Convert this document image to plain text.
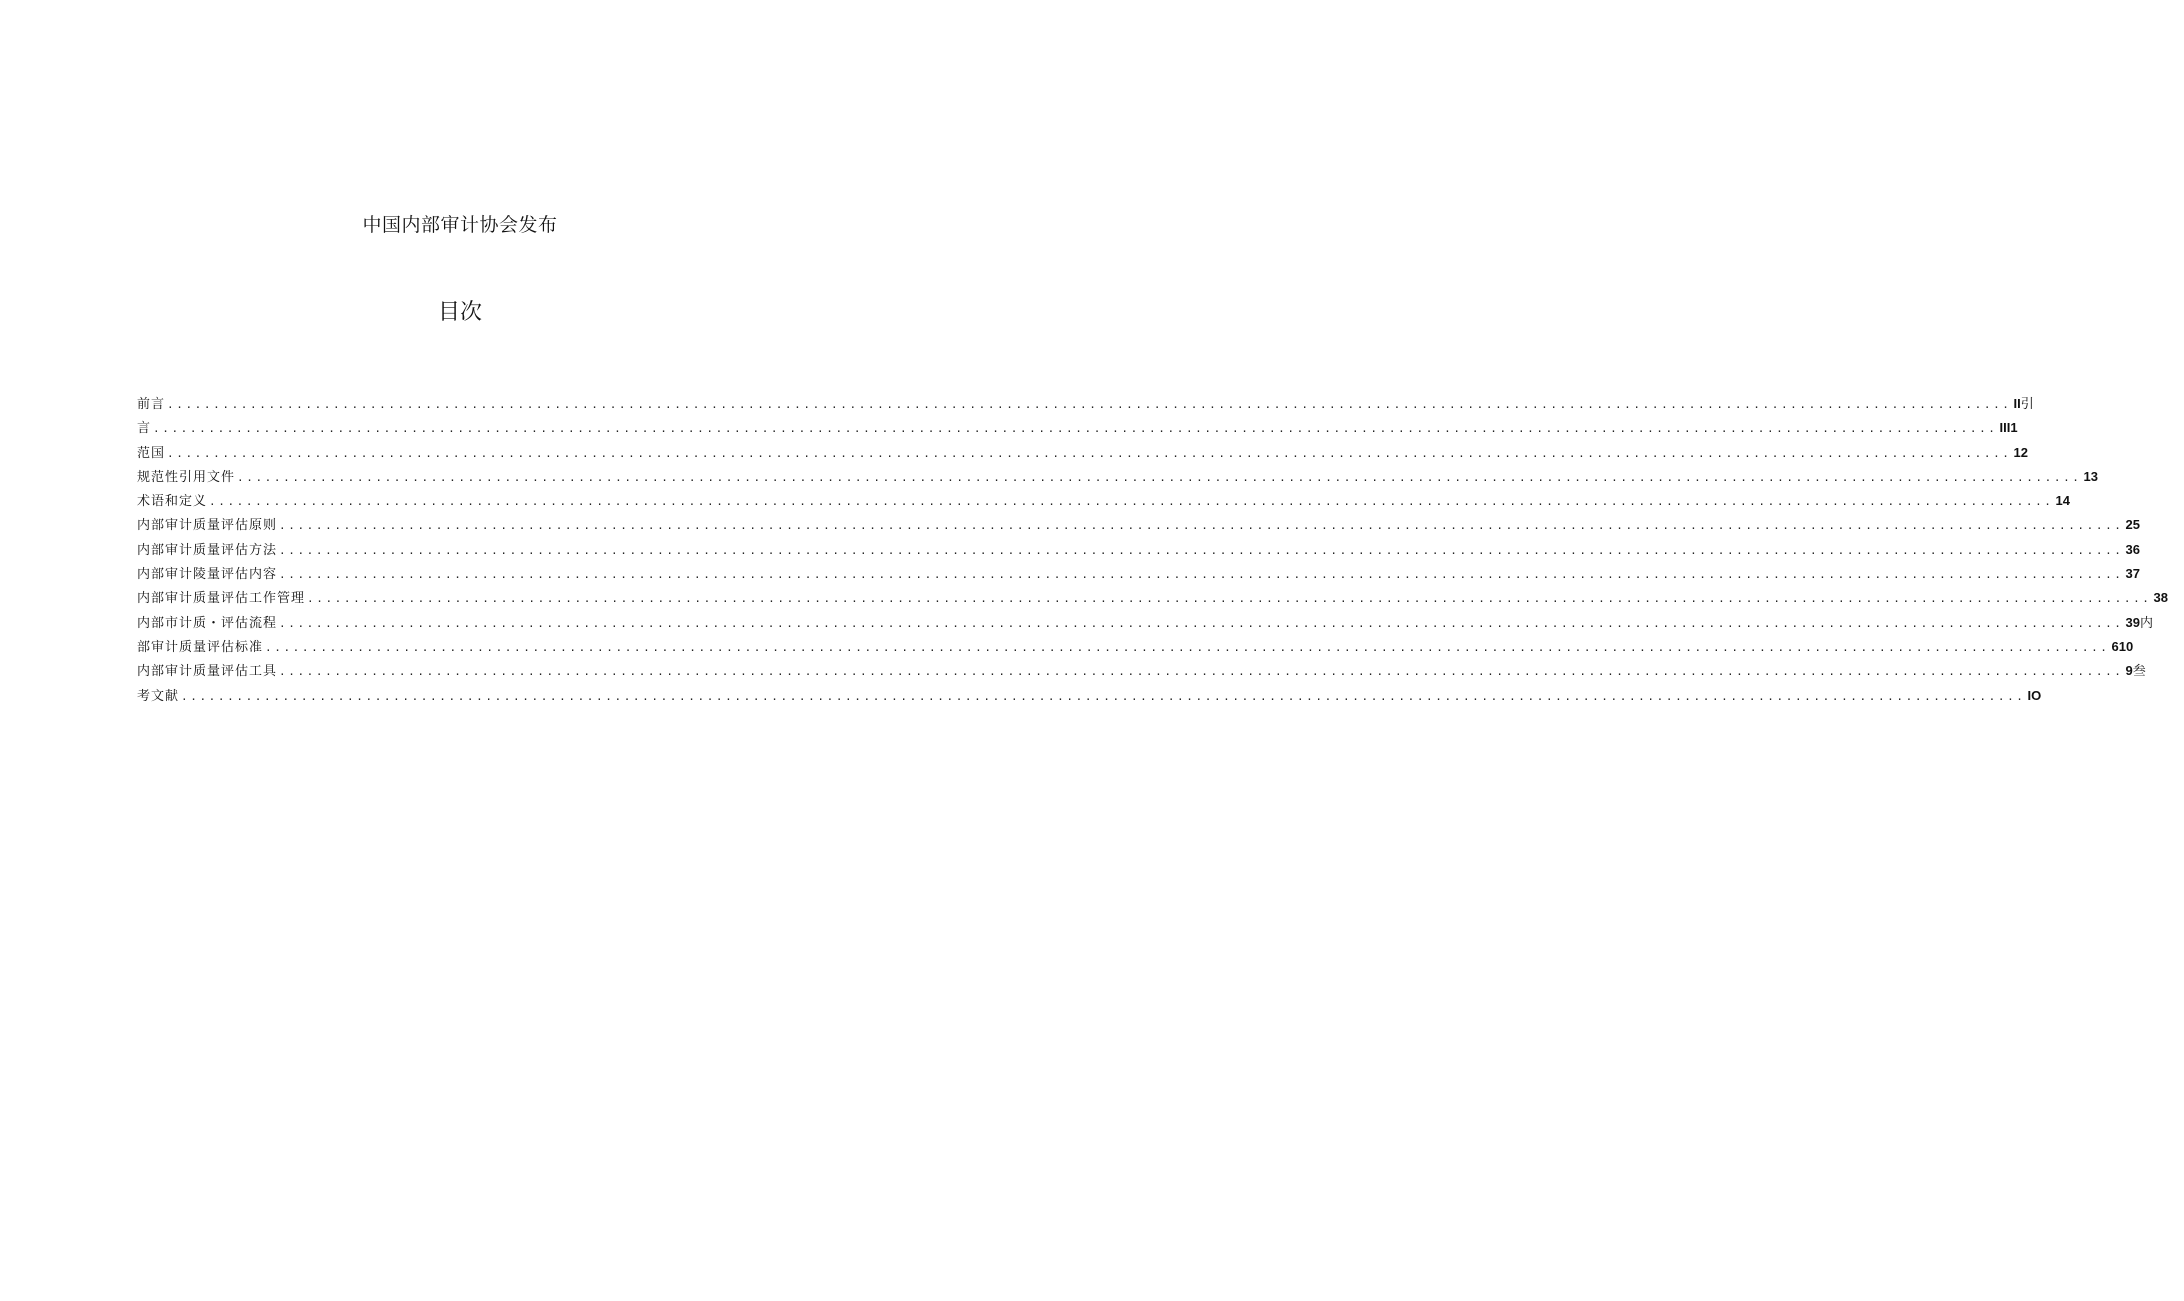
中国内部审计协会发布
目次
前言 ........................................................................................................................................................................................................ II引
言 ........................................................................................................................................................................................................ III1
范国 ........................................................................................................................................................................................................ 12
规范性引用文件 ........................................................................................................................................................................................................ 13
术语和定义 ........................................................................................................................................................................................................ 14
内部审计质量评估原则 ........................................................................................................................................................................................................ 25
内部审计质量评估方法 ........................................................................................................................................................................................................ 36
内部审计陵量评估内容 ........................................................................................................................................................................................................ 37
内部审计质量评估工作管理 ........................................................................................................................................................................................................ 38
内部市计质・评估流程 ........................................................................................................................................................................................................ 39内
部审计质量评估标准 ........................................................................................................................................................................................................ 610
内部审计质量评估工具 ........................................................................................................................................................................................................ 9叁
考文献 ........................................................................................................................................................................................................ IO
